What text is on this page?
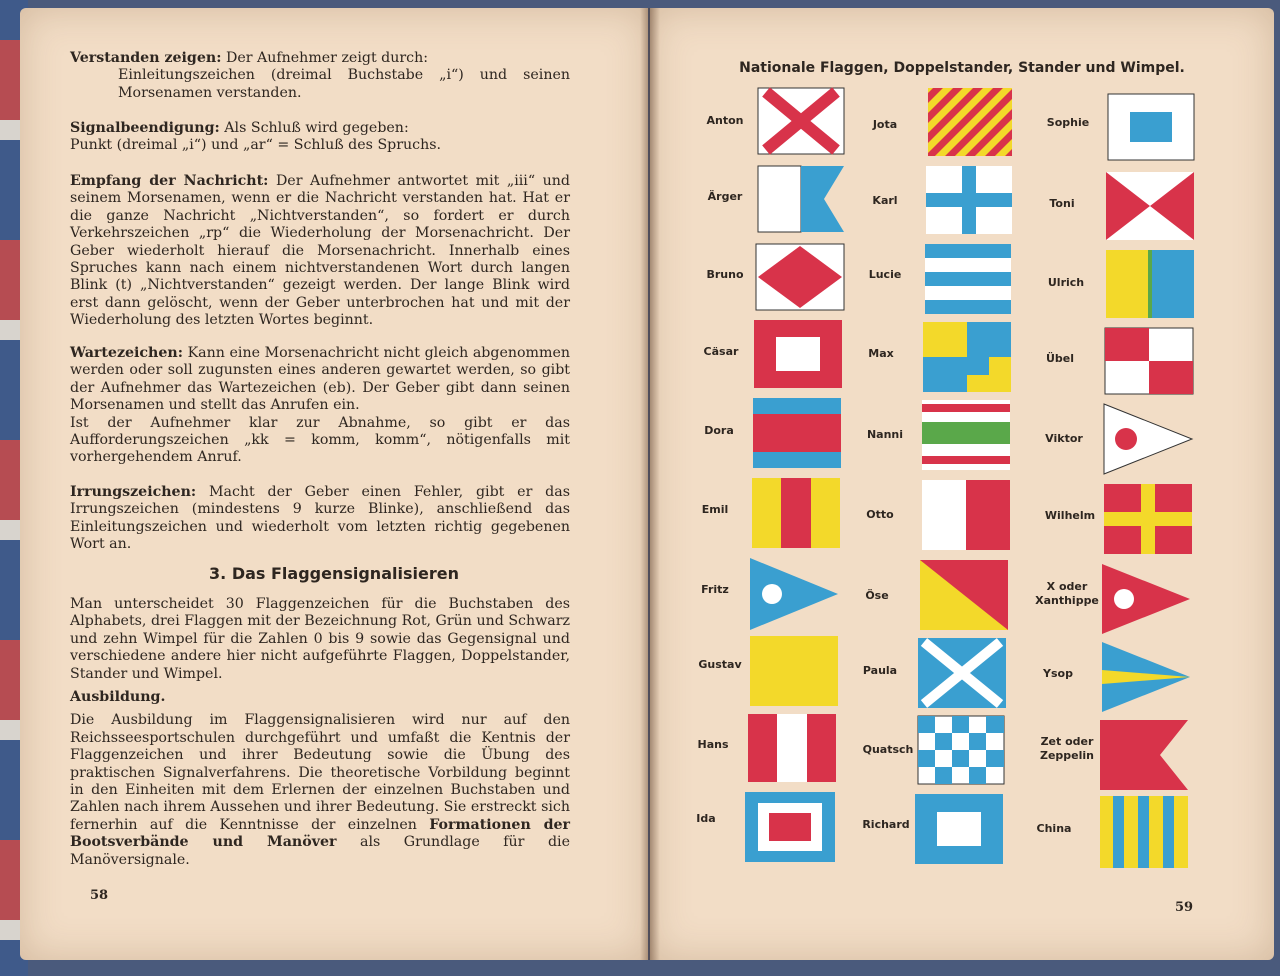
Verstanden zeigen: Der Aufnehmer zeigt durch:

Einleitungszeichen (dreimal Buchstabe „i“) und seinen Morsenamen verstanden.

Signalbeendigung: Als Schluß wird gegeben:

Punkt (dreimal „i“) und „ar“ = Schluß des Spruchs.

Empfang der Nachricht: Der Aufnehmer antwortet mit „iii“ und seinem Morsenamen, wenn er die Nachricht verstanden hat. Hat er die ganze Nachricht „Nichtverstanden“, so fordert er durch Verkehrszeichen „rp“ die Wiederholung der Morsenachricht. Der Geber wiederholt hierauf die Morsenachricht. Innerhalb eines Spruches kann nach einem nichtverstandenen Wort durch langen Blink (t) „Nichtverstanden“ gezeigt werden. Der lange Blink wird erst dann gelöscht, wenn der Geber unterbrochen hat und mit der Wiederholung des letzten Wortes beginnt.

Wartezeichen: Kann eine Morsenachricht nicht gleich abgenommen werden oder soll zugunsten eines anderen gewartet werden, so gibt der Aufnehmer das Wartezeichen (eb). Der Geber gibt dann seinen Morsenamen und stellt das Anrufen ein.

Ist der Aufnehmer klar zur Abnahme, so gibt er das Aufforderungszeichen „kk = komm, komm“, nötigenfalls mit vorhergehendem Anruf.

Irrungszeichen: Macht der Geber einen Fehler, gibt er das Irrungszeichen (mindestens 9 kurze Blinke), anschließend das Einleitungszeichen und wiederholt vom letzten richtig gegebenen Wort an.

3. Das Flaggensignalisieren

Man unterscheidet 30 Flaggenzeichen für die Buchstaben des Alphabets, drei Flaggen mit der Bezeichnung Rot, Grün und Schwarz und zehn Wimpel für die Zahlen 0 bis 9 sowie das Gegensignal und verschiedene andere hier nicht aufgeführte Flaggen, Doppelstander, Stander und Wimpel.

Ausbildung.

Die Ausbildung im Flaggensignalisieren wird nur auf den Reichsseesportschulen durchgeführt und umfaßt die Kentnis der Flaggenzeichen und ihrer Bedeutung sowie die Übung des praktischen Signalverfahrens. Die theoretische Vorbildung beginnt in den Einheiten mit dem Erlernen der einzelnen Buchstaben und Zahlen nach ihrem Aussehen und ihrer Bedeutung. Sie erstreckt sich fernerhin auf die Kenntnisse der einzelnen Formationen der Bootsverbände und Manöver als Grundlage für die Manöversignale.

58
Nationale Flaggen, Doppelstander, Stander und Wimpel.
59
Anton
Ärger
Bruno
Cäsar
Dora
Emil
Fritz
Gustav
Hans
Ida
Jota
Karl
Lucie
Max
Nanni
Otto
Öse
Paula
Quatsch
Richard
Sophie
Toni
Ulrich
Übel
Viktor
Wilhelm
X oder
Xanthippe
Ysop
Zet oder
Zeppelin
China
